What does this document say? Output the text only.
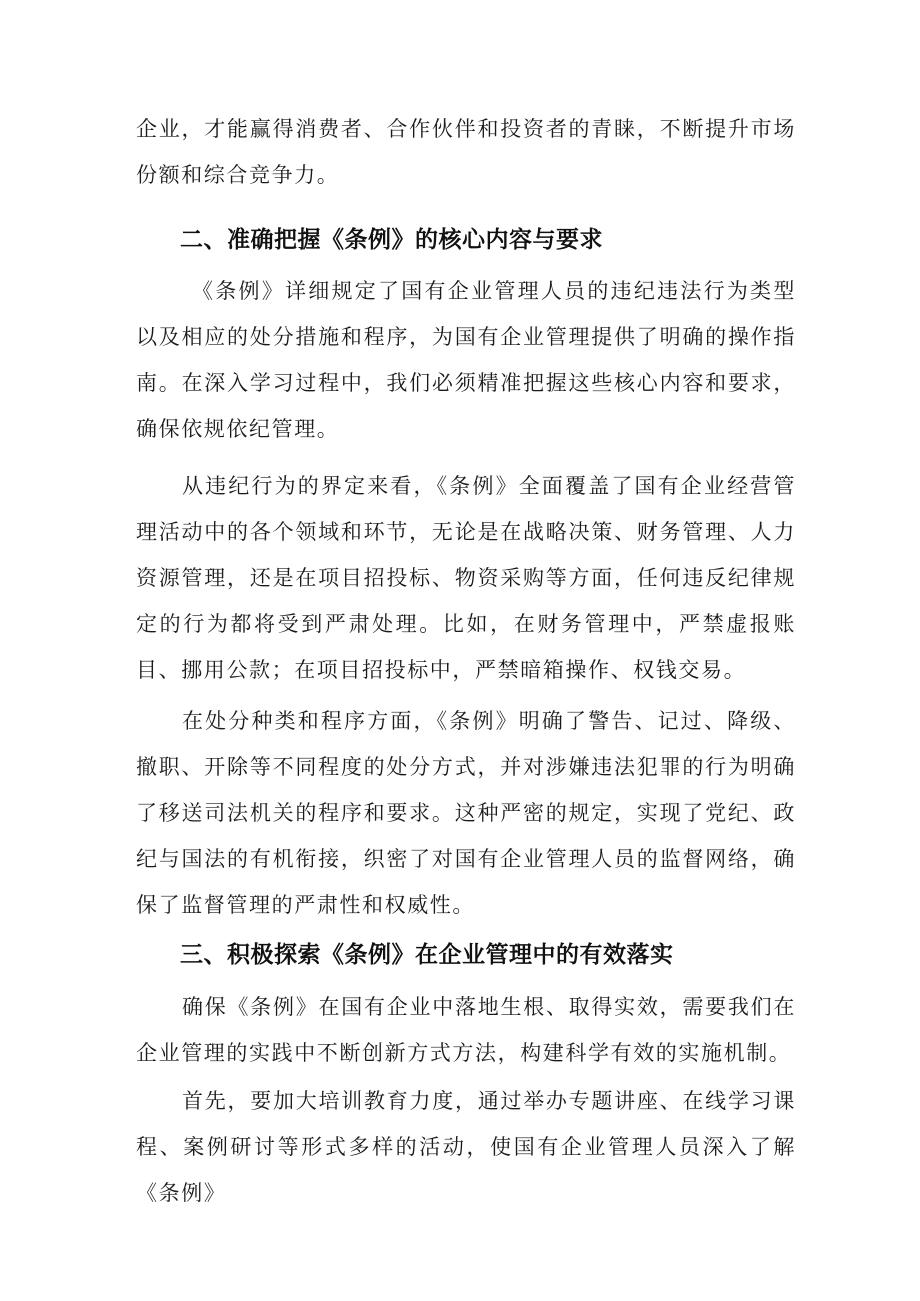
企业，才能赢得消费者、合作伙伴和投资者的青睐，不断提升市场份额和综合竞争力。

二、准确把握《条例》的核心内容与要求

《条例》详细规定了国有企业管理人员的违纪违法行为类型以及相应的处分措施和程序，为国有企业管理提供了明确的操作指南。在深入学习过程中，我们必须精准把握这些核心内容和要求，确保依规依纪管理。

从违纪行为的界定来看，《条例》全面覆盖了国有企业经营管理活动中的各个领域和环节，无论是在战略决策、财务管理、人力资源管理，还是在项目招投标、物资采购等方面，任何违反纪律规定的行为都将受到严肃处理。比如，在财务管理中，严禁虚报账目、挪用公款；在项目招投标中，严禁暗箱操作、权钱交易。

在处分种类和程序方面，《条例》明确了警告、记过、降级、撤职、开除等不同程度的处分方式，并对涉嫌违法犯罪的行为明确了移送司法机关的程序和要求。这种严密的规定，实现了党纪、政纪与国法的有机衔接，织密了对国有企业管理人员的监督网络，确保了监督管理的严肃性和权威性。

三、积极探索《条例》在企业管理中的有效落实

确保《条例》在国有企业中落地生根、取得实效，需要我们在企业管理的实践中不断创新方式方法，构建科学有效的实施机制。

首先，要加大培训教育力度，通过举办专题讲座、在线学习课程、案例研讨等形式多样的活动，使国有企业管理人员深入了解《条例》
